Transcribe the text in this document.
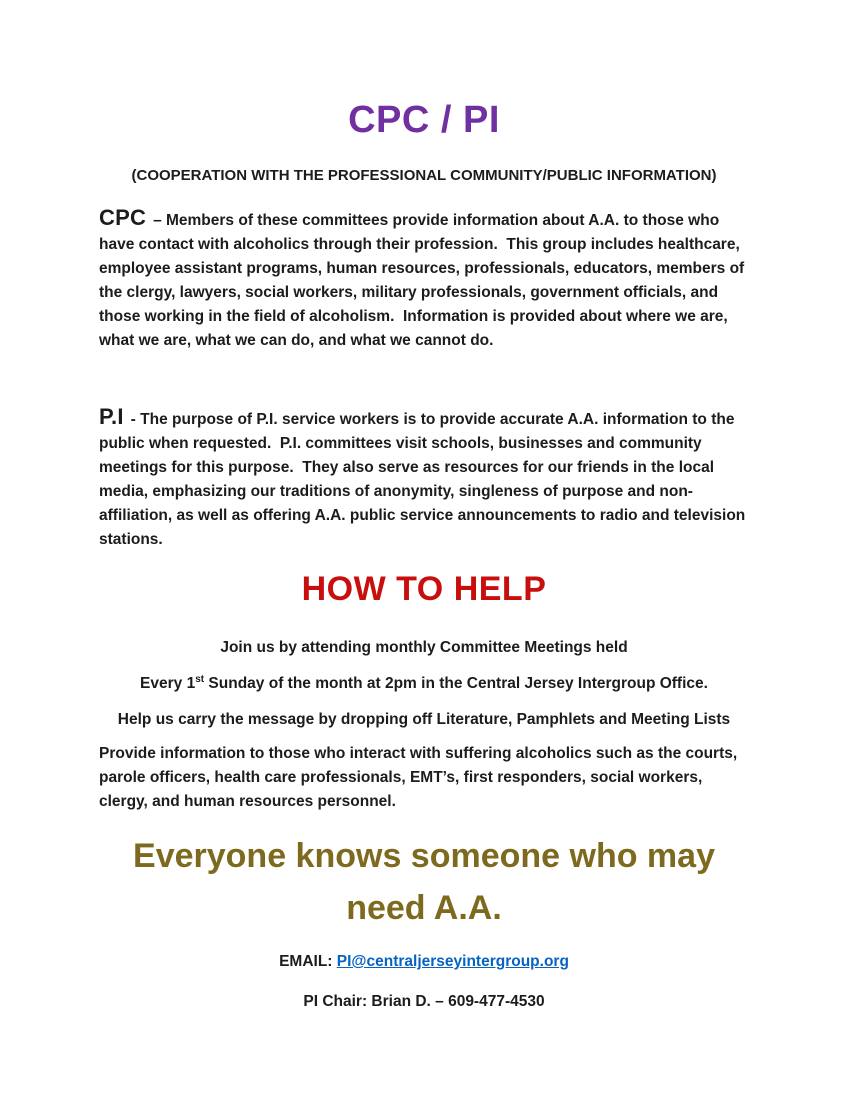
CPC / PI

(COOPERATION WITH THE PROFESSIONAL COMMUNITY/PUBLIC INFORMATION)

CPC – Members of these committees provide information about A.A. to those who have contact with alcoholics through their profession.  This group includes healthcare, employee assistant programs, human resources, professionals, educators, members of the clergy, lawyers, social workers, military professionals, government officials, and those working in the field of alcoholism.  Information is provided about where we are, what we are, what we can do, and what we cannot do.

P.I - The purpose of P.I. service workers is to provide accurate A.A. information to the public when requested.  P.I. committees visit schools, businesses and community meetings for this purpose.  They also serve as resources for our friends in the local media, emphasizing our traditions of anonymity, singleness of purpose and non-affiliation, as well as offering A.A. public service announcements to radio and television stations.

HOW TO HELP

Join us by attending monthly Committee Meetings held

Every 1st Sunday of the month at 2pm in the Central Jersey Intergroup Office.

Help us carry the message by dropping off Literature, Pamphlets and Meeting Lists

Provide information to those who interact with suffering alcoholics such as the courts, parole officers, health care professionals, EMT’s, first responders, social workers, clergy, and human resources personnel.

Everyone knows someone who may need A.A.

EMAIL: PI@centraljerseyintergroup.org

PI Chair: Brian D. – 609-477-4530
